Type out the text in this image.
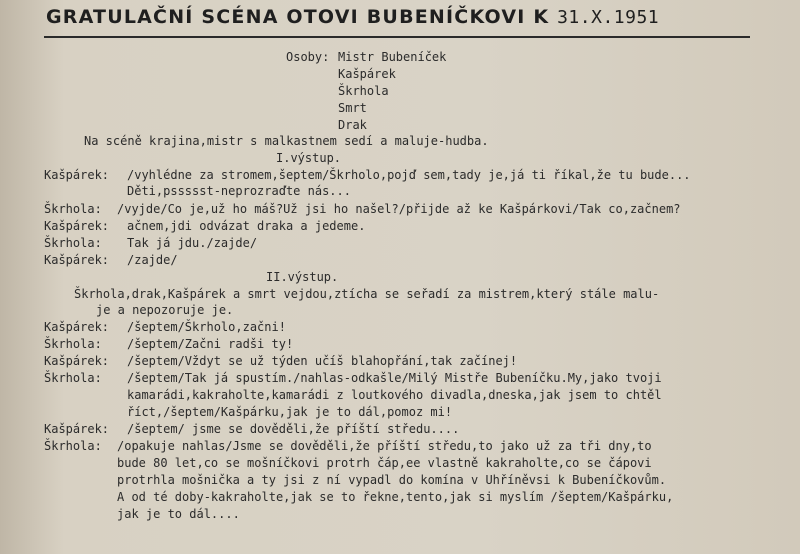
GRATULAČNÍ SCÉNA OTOVI BUBENÍČKOVI K 31.X.1951
Osoby: Mistr Bubeníček
Kašpárek
Škrhola
Smrt
Drak
Na scéně krajina,mistr s malkastnem sedí a maluje-hudba.
I.výstup.
Kašpárek: /vyhlédne za stromem,šeptem/Škrholo,pojď sem,tady je,já ti říkal,že tu bude...
Děti,pssssst-neprozraďte nás...
Škrhola: /vyjde/Co je,už ho máš?Už jsi ho našel?/přijde až ke Kašpárkovi/Tak co,začnem?
Kašpárek: ačnem,jdi odvázat draka a jedeme.
Škrhola: Tak já jdu./zajde/
Kašpárek: /zajde/
II.výstup.
Škrhola,drak,Kašpárek a smrt vejdou,ztícha se seřadí za mistrem,který stále malu-
je a nepozoruje je.
Kašpárek: /šeptem/Škrholo,začni!
Škrhola: /šeptem/Začni radši ty!
Kašpárek: /šeptem/Vždyt se už týden učíš blahopřání,tak začínej!
Škrhola: /šeptem/Tak já spustím./nahlas-odkašle/Milý Mistře Bubeníčku.My,jako tvoji
kamarádi,kakraholte,kamarádi z loutkového divadla,dneska,jak jsem to chtěl
říct,/šeptem/Kašpárku,jak je to dál,pomoz mi!
Kašpárek: /šeptem/ jsme se dověděli,že příští středu....
Škrhola: /opakuje nahlas/Jsme se dověděli,že příští středu,to jako už za tři dny,to
bude 80 let,co se mošníčkovi protrh čáp,ee vlastně kakraholte,co se čápovi
protrhla mošnička a ty jsi z ní vypadl do komína v Uhříněvsi k Bubeníčkovům.
A od té doby-kakraholte,jak se to řekne,tento,jak si myslím /šeptem/Kašpárku,
jak je to dál....
